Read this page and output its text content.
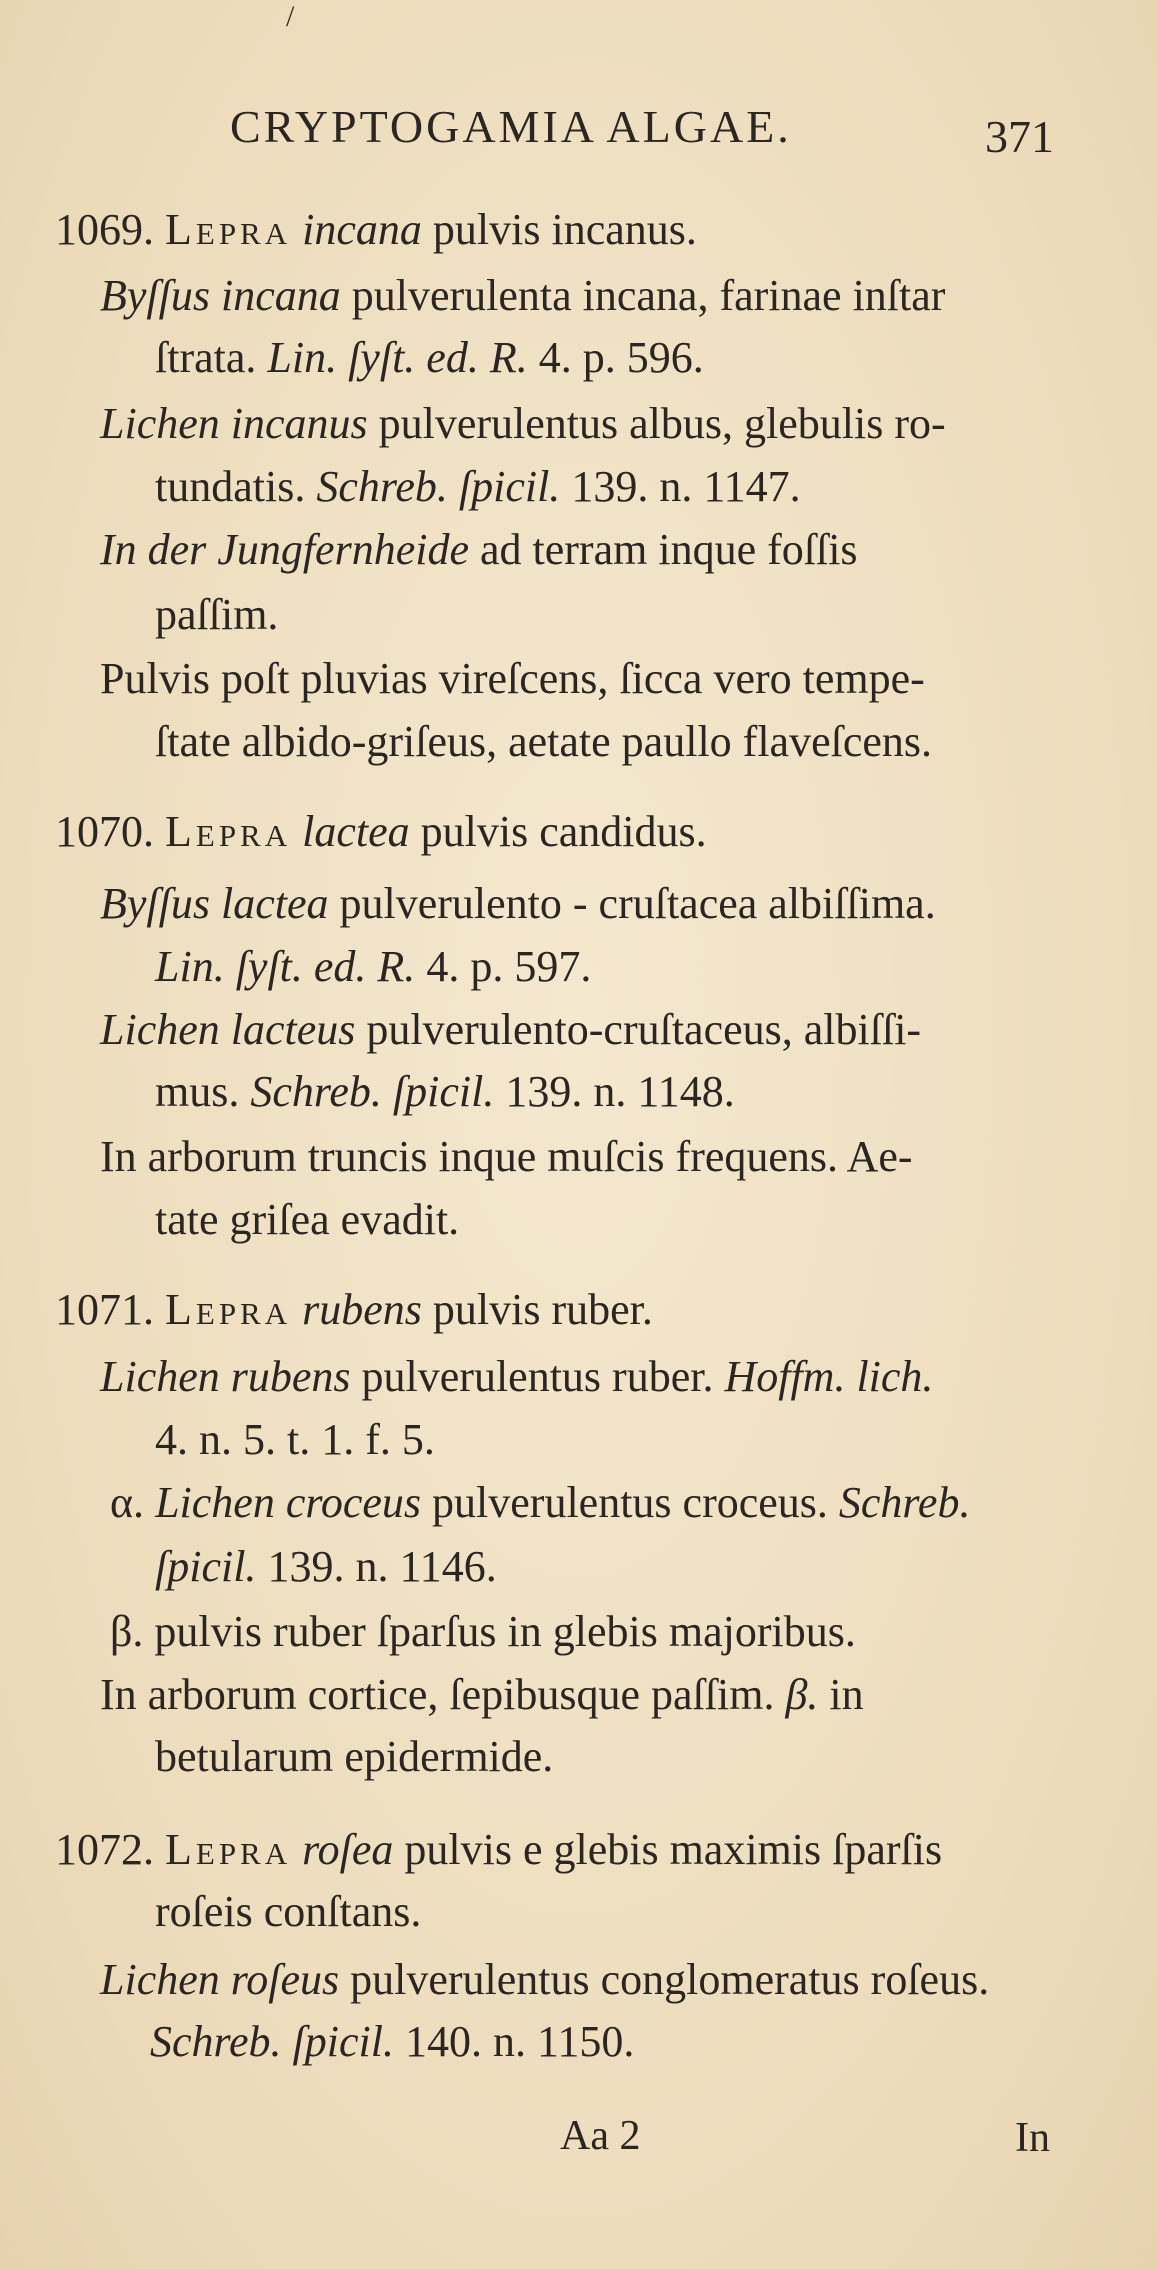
/
CRYPTOGAMIA ALGAE.	371
1069. Lepra incana pulvis incanus.
Byſſus incana pulverulenta incana, farinae inſtar
ſtrata. Lin. ſyſt. ed. R. 4. p. 596.
Lichen incanus pulverulentus albus, glebulis ro-
tundatis. Schreb. ſpicil. 139. n. 1147.
In der Jungfernheide ad terram inque foſſis
paſſim.
Pulvis poſt pluvias vireſcens, ſicca vero tempe-
ſtate albido-griſeus, aetate paullo flaveſcens.
1070. Lepra lactea pulvis candidus.
Byſſus lactea pulverulento - cruſtacea albiſſima.
Lin. ſyſt. ed. R. 4. p. 597.
Lichen lacteus pulverulento-cruſtaceus, albiſſi-
mus. Schreb. ſpicil. 139. n. 1148.
In arborum truncis inque muſcis frequens. Ae-
tate griſea evadit.
1071. Lepra rubens pulvis ruber.
Lichen rubens pulverulentus ruber. Hoffm. lich.
4. n. 5. t. 1. f. 5.
α. Lichen croceus pulverulentus croceus. Schreb.
ſpicil. 139. n. 1146.
β. pulvis ruber ſparſus in glebis majoribus.
In arborum cortice, ſepibusque paſſim. β. in
betularum epidermide.
1072. Lepra roſea pulvis e glebis maximis ſparſis
roſeis conſtans.
Lichen roſeus pulverulentus conglomeratus roſeus.
Schreb. ſpicil. 140. n. 1150.
Aa 2	In
